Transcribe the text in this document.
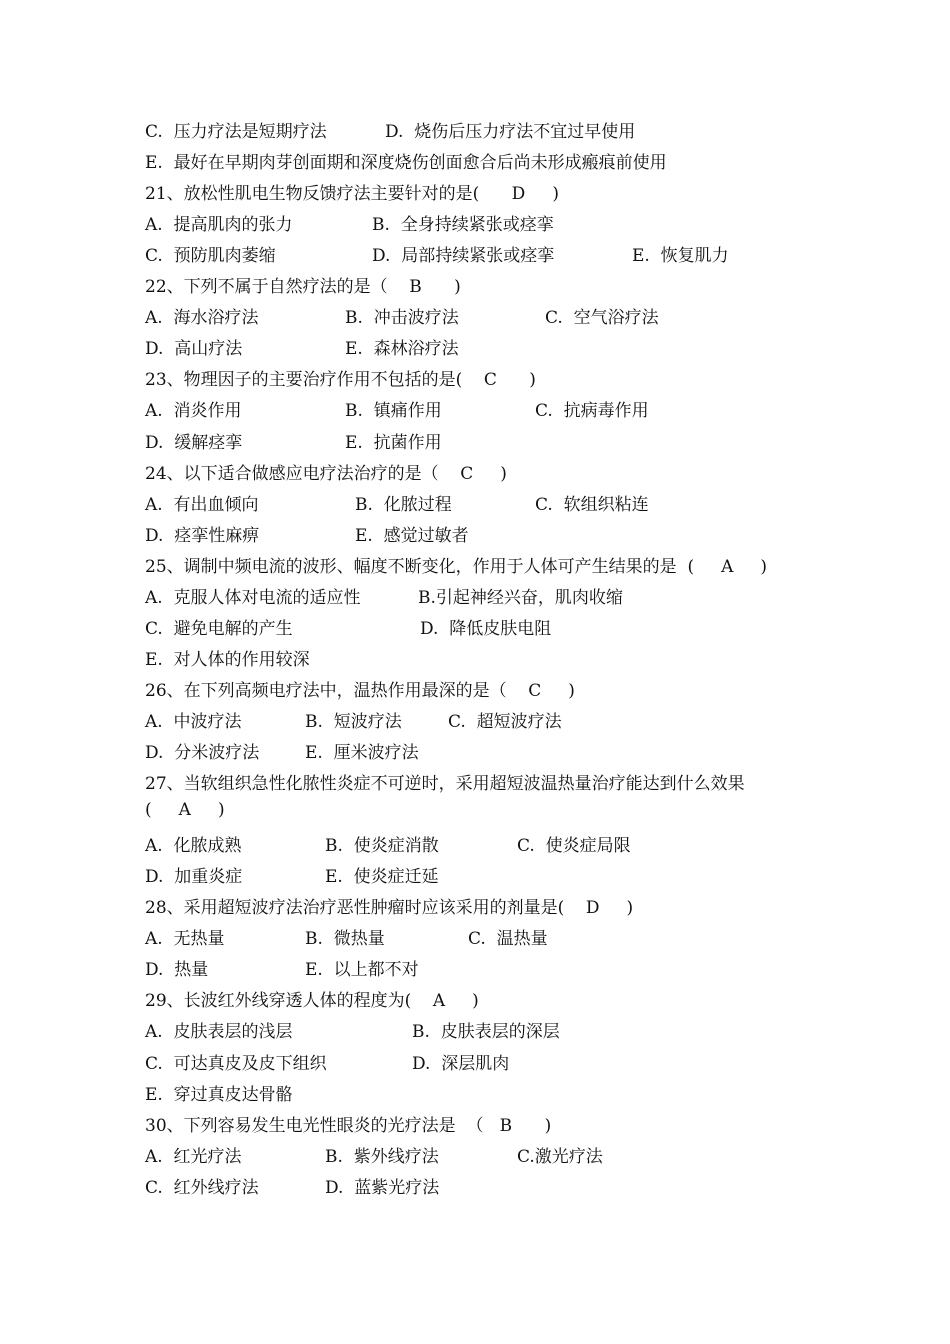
C.  压力疗法是短期疗法	D.  烧伤后压力疗法不宜过早使用
E.  最好在早期肉芽创面期和深度烧伤创面愈合后尚未形成瘢痕前使用
21、放松性肌电生物反馈疗法主要针对的是(      D     )
A.  提高肌肉的张力	B.  全身持续紧张或痉挛
C.  预防肌肉萎缩	D.  局部持续紧张或痉挛	E.  恢复肌力
22、下列不属于自然疗法的是（    B      )
A.  海水浴疗法	B.  冲击波疗法	C.  空气浴疗法
D.  高山疗法	E.  森林浴疗法
23、物理因子的主要治疗作用不包括的是(    C      )
A.  消炎作用	B.  镇痛作用	C.  抗病毒作用
D.  缓解痉挛	E.  抗菌作用
24、以下适合做感应电疗法治疗的是（    C     )
A.  有出血倾向	B.  化脓过程	C.  软组织粘连
D.  痉挛性麻痹	E.  感觉过敏者
25、调制中频电流的波形、幅度不断变化，作用于人体可产生结果的是  (     A     )
A.  克服人体对电流的适应性	B.引起神经兴奋，肌肉收缩
C.  避免电解的产生	D.  降低皮肤电阻
E.  对人体的作用较深
26、在下列高频电疗法中，温热作用最深的是（    C     )
A.  中波疗法	B.  短波疗法	C.  超短波疗法
D.  分米波疗法	E.  厘米波疗法
27、当软组织急性化脓性炎症不可逆时，采用超短波温热量治疗能达到什么效果
(     A     )
A.  化脓成熟	B.  使炎症消散	C.  使炎症局限
D.  加重炎症	E.  使炎症迁延
28、采用超短波疗法治疗恶性肿瘤时应该采用的剂量是(    D     )
A.  无热量	B.  微热量	C.  温热量
D.  热量	E.  以上都不对
29、长波红外线穿透人体的程度为(    A     )
A.  皮肤表层的浅层	B.  皮肤表层的深层
C.  可达真皮及皮下组织	D.  深层肌肉
E.  穿过真皮达骨骼
30、下列容易发生电光性眼炎的光疗法是  （   B      )
A.  红光疗法	B.  紫外线疗法	C.激光疗法
C.  红外线疗法	D.  蓝紫光疗法
